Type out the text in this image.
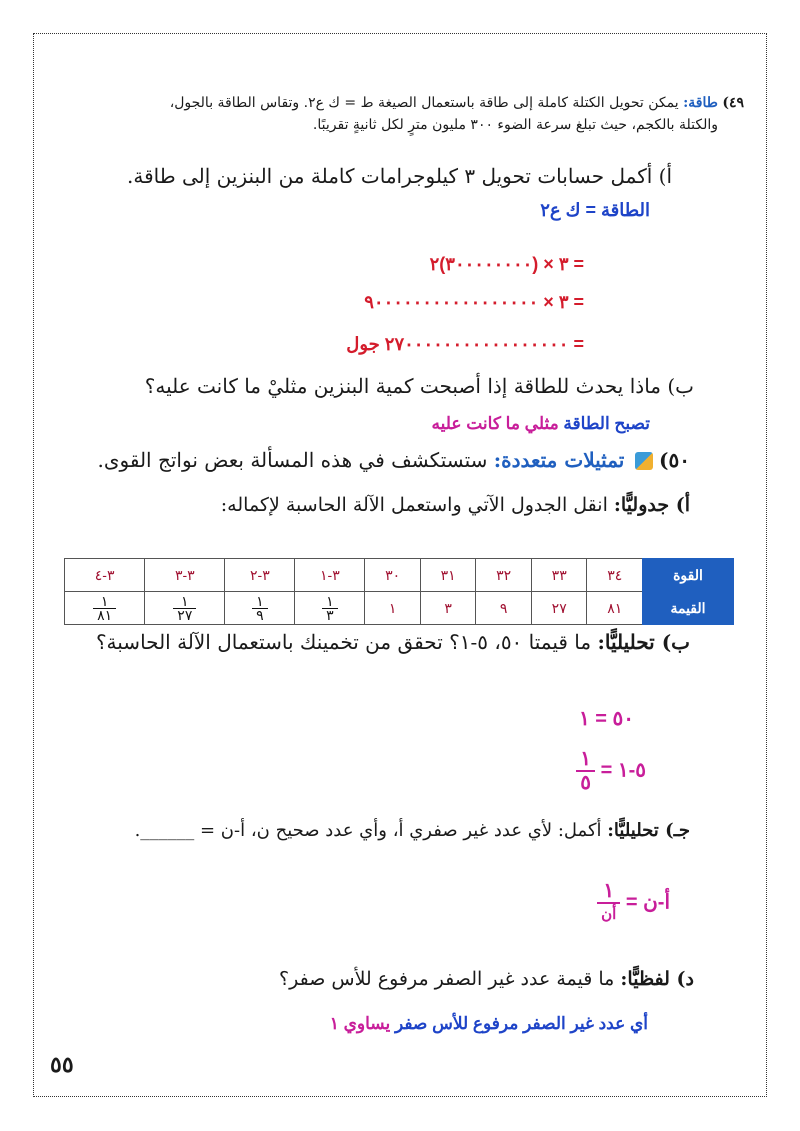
٤٩) طاقة: يمكن تحويل الكتلة كاملة إلى طاقة باستعمال الصيغة ط = ك ع٢. وتقاس الطاقة بالجول،
والكتلة بالكجم، حيث تبلغ سرعة الضوء ٣٠٠ مليون مترٍ لكل ثانيةٍ تقريبًا.
أ) أكمل حسابات تحويل ٣ كيلوجرامات كاملة من البنزين إلى طاقة.
الطاقة = ك ع٢
= ٣ × (٣٠٠٠٠٠٠٠٠)٢
= ٣ × ٩٠٠٠٠٠٠٠٠٠٠٠٠٠٠٠٠٠
= ٢٧٠٠٠٠٠٠٠٠٠٠٠٠٠٠٠٠٠ جول
ب) ماذا يحدث للطاقة إذا أصبحت كمية البنزين مثليْ ما كانت عليه؟
تصبح الطاقة مثلي ما كانت عليه
٥٠)  تمثيلات متعددة: ستستكشف في هذه المسألة بعض نواتج القوى.
أ) جدوليًّا: انقل الجدول الآتي واستعمل الآلة الحاسبة لإكماله:
القوة	٣٤	٣٣	٣٢	٣١	٣٠	٣-١	٣-٢	٣-٣	٣-٤
القيمة	٨١	٢٧	٩	٣	١	$\frac{١}{٣}$	$\frac{١}{٩}$	$\frac{١}{٢٧}$	$\frac{١}{٨١}$
ب) تحليليًّا: ما قيمتا ٥٠، ٥-١؟ تحقق من تخمينك باستعمال الآلة الحاسبة؟
٥٠ = ١
٥-١ =
$\frac{١}{٥}$
جـ) تحليليًّا: أكمل: لأي عدد غير صفري أ، وأي عدد صحيح ن، أ-ن = ______.
أ-ن =
$\frac{١}{\text{أن}}$
د) لفظيًّا: ما قيمة عدد غير الصفر مرفوع للأس صفر؟
أي عدد غير الصفر مرفوع للأس صفر يساوي ١
٥٥
